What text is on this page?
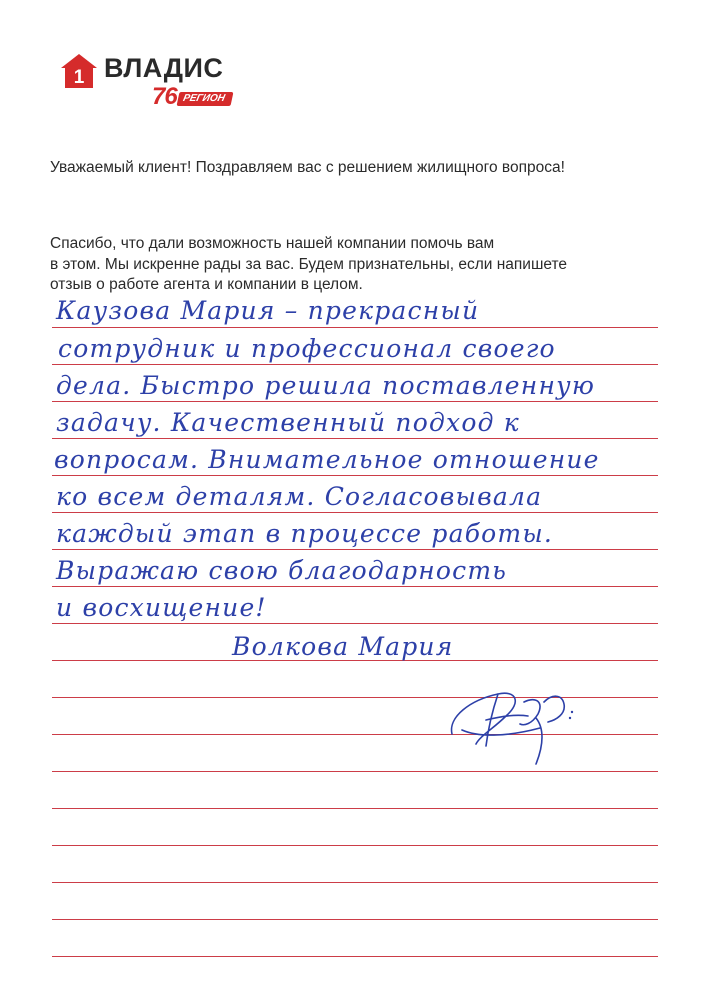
1 ВЛАДИС
76 РЕГИОН
Уважаемый клиент! Поздравляем вас с решением жилищного вопроса!
Спасибо, что дали возможность нашей компании помочь вам
в этом. Мы искренне рады за вас. Будем признательны, если напишете
отзыв о работе агента и компании в целом.
Каузова Мария – прекрасный
сотрудник и профессионал своего
дела. Быстро решила поставленную
задачу. Качественный подход к
вопросам. Внимательное отношение
ко всем деталям. Согласовывала
каждый этап в процессе работы.
Выражаю свою благодарность
и восхищение!
Волкова Мария
